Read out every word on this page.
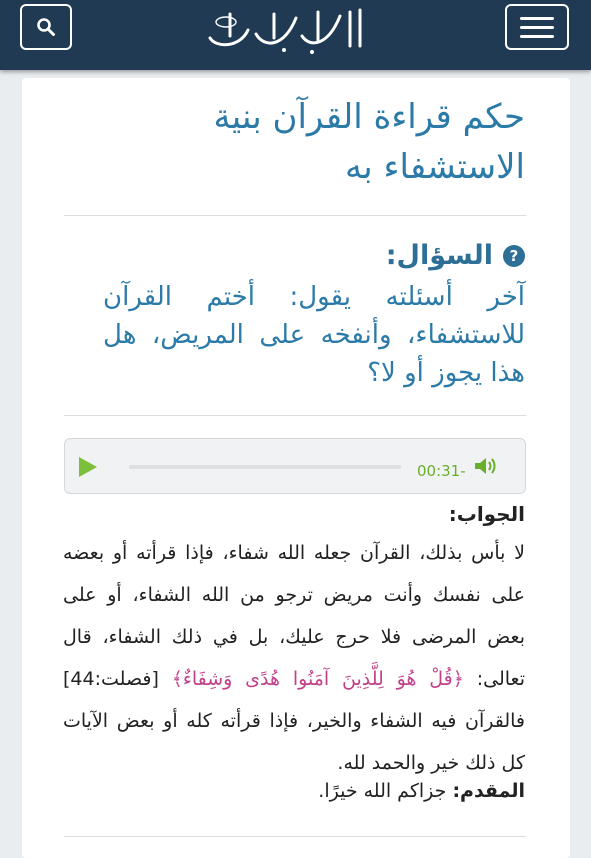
حكم قراءة القرآن بنية الاستشفاء به
?
السؤال:

آخر أسئلته يقول: أختم القرآن للاستشفاء، وأنفخه على المريض، هل هذا يجوز أو لا؟

00:31-
الجواب:

لا بأس بذلك، القرآن جعله الله شفاء، فإذا قرأته أو بعضه على نفسك وأنت مريض ترجو من الله الشفاء، أو على بعض المرضى فلا حرج عليك، بل في ذلك الشفاء، قال تعالى: ﴿قُلْ هُوَ لِلَّذِينَ آمَنُوا هُدًى وَشِفَاءٌ﴾ [فصلت:44] فالقرآن فيه الشفاء والخير، فإذا قرأته كله أو بعض الآيات كل ذلك خير والحمد لله.

المقدم: جزاكم الله خيرًا.
